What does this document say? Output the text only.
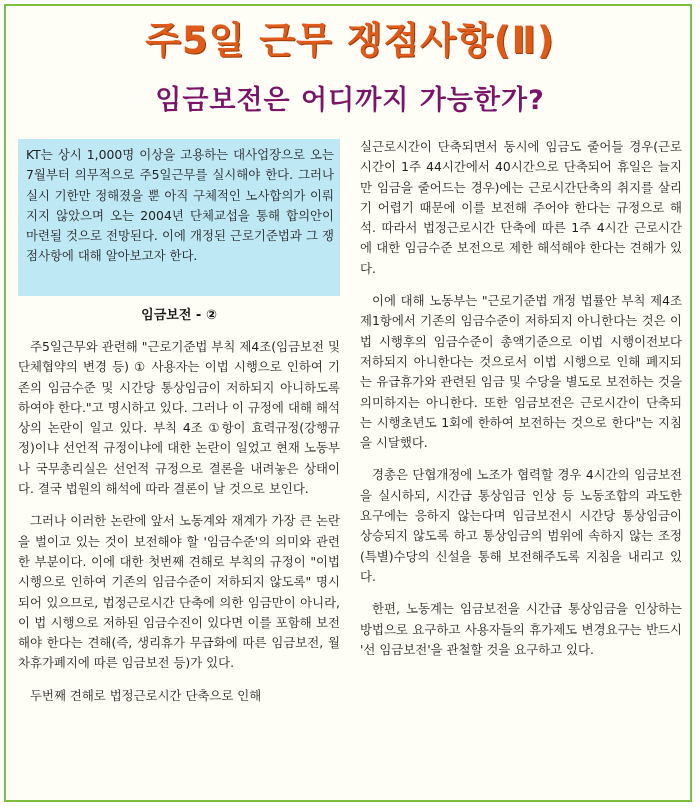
주5일 근무 쟁점사항(Ⅱ)
임금보전은 어디까지 가능한가?
KT는 상시 1,000명 이상을 고용하는 대사업장으로 오는 7월부터 의무적으로 주5일근무를 실시해야 한다. 그러나 실시 기한만 정해졌을 뿐 아직 구체적인 노사합의가 이뤄지지 않았으며 오는 2004년 단체교섭을 통해 합의안이 마련될 것으로 전망된다. 이에 개정된 근로기준법과 그 쟁점사항에 대해 알아보고자 한다.
임금보전 - ②

주5일근무와 관련해 "근로기준법 부칙 제4조(임금보전 및 단체협약의 변경 등) ① 사용자는 이법 시행으로 인하여 기존의 임금수준 및 시간당 통상임금이 저하되지 아니하도록 하여야 한다."고 명시하고 있다. 그러나 이 규정에 대해 해석상의 논란이 일고 있다. 부칙 4조 ①항이 효력규정(강행규정)이냐 선언적 규정이냐에 대한 논란이 일었고 현재 노동부나 국무총리실은 선언적 규정으로 결론을 내려놓은 상태이다. 결국 법원의 해석에 따라 결론이 날 것으로 보인다.

그러나 이러한 논란에 앞서 노동계와 재계가 가장 큰 논란을 벌이고 있는 것이 보전해야 할 '임금수준'의 의미와 관련한 부분이다. 이에 대한 첫번째 견해로 부칙의 규정이 "이법 시행으로 인하여 기존의 임금수준이 저하되지 않도록" 명시되어 있으므로, 법정근로시간 단축에 의한 임금만이 아니라, 이 법 시행으로 저하된 임금수진이 있다면 이를 포함해 보전해야 한다는 견해(즉, 생리휴가 무급화에 따른 임금보전, 월차휴가폐지에 따른 임금보전 등)가 있다.

두번째 견해로 법정근로시간 단축으로 인해

실근로시간이 단축되면서 동시에 임금도 줄어들 경우(근로시간이 1주 44시간에서 40시간으로 단축되어 휴일은 늘지만 임금을 줄어드는 경우)에는 근로시간단축의 취지를 살리기 어렵기 때문에 이를 보전해 주어야 한다는 규정으로 해석. 따라서 법정근로시간 단축에 따른 1주 4시간 근로시간에 대한 임금수준 보전으로 제한 해석해야 한다는 견해가 있다.

이에 대해 노동부는 "근로기준법 개정 법률안 부칙 제4조 제1항에서 기존의 임금수준이 저하되지 아니한다는 것은 이 법 시행후의 임금수준이 총액기준으로 이법 시행이전보다 저하되지 아니한다는 것으로서 이법 시행으로 인해 폐지되는 유급휴가와 관련된 임금 및 수당을 별도로 보전하는 것을 의미하지는 아니한다. 또한 임금보전은 근로시간이 단축되는 시행초년도 1회에 한하여 보전하는 것으로 한다"는 지침을 시달했다.

경총은 단협개정에 노조가 협력할 경우 4시간의 임금보전을 실시하되, 시간급 통상임금 인상 등 노동조합의 과도한 요구에는 응하지 않는다며 임금보전시 시간당 통상임금이 상승되지 않도록 하고 통상임금의 범위에 속하지 않는 조정(특별)수당의 신설을 통해 보전해주도록 지침을 내리고 있다.

한편, 노동계는 임금보전을 시간급 통상임금을 인상하는 방법으로 요구하고 사용자들의 휴가제도 변경요구는 반드시 '선 임금보전'을 관철할 것을 요구하고 있다.
